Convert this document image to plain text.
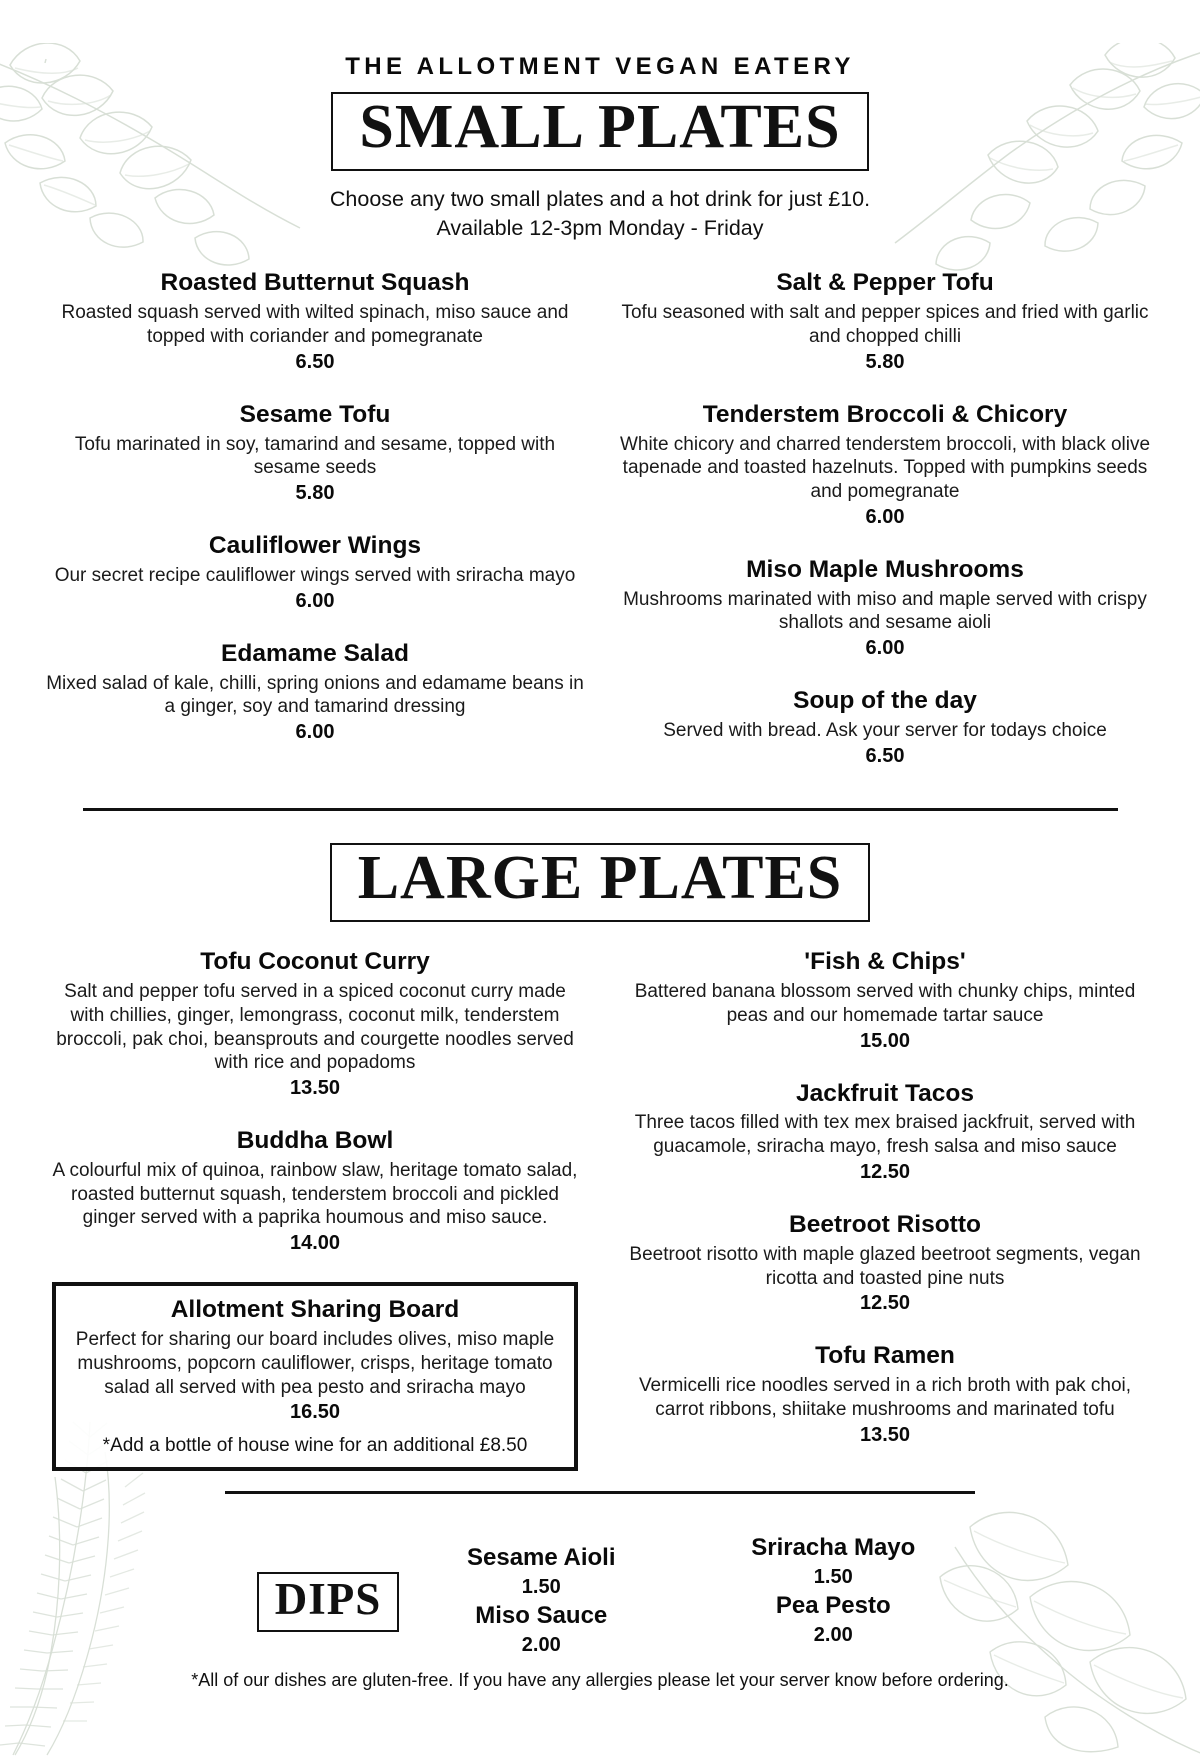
THE ALLOTMENT VEGAN EATERY
SMALL PLATES
Choose any two small plates and a hot drink for just £10.
Available 12-3pm Monday - Friday
Roasted Butternut Squash
Roasted squash served with wilted spinach, miso sauce and topped with coriander and pomegranate
6.50
Sesame Tofu
Tofu marinated in soy, tamarind and sesame, topped with sesame seeds
5.80
Cauliflower Wings
Our secret recipe cauliflower wings served with sriracha mayo
6.00
Edamame Salad
Mixed salad of kale, chilli, spring onions and edamame beans in a ginger, soy and tamarind dressing
6.00
Salt & Pepper Tofu
Tofu seasoned with salt and pepper spices and fried with garlic and chopped chilli
5.80
Tenderstem Broccoli & Chicory
White chicory and charred tenderstem broccoli, with black olive tapenade and toasted hazelnuts. Topped with pumpkins seeds and pomegranate
6.00
Miso Maple Mushrooms
Mushrooms marinated with miso and maple served with crispy shallots and sesame aioli
6.00
Soup of the day
Served with bread. Ask your server for todays choice
6.50
LARGE PLATES
Tofu Coconut Curry
Salt and pepper tofu served in a spiced coconut curry made with chillies, ginger, lemongrass, coconut milk, tenderstem broccoli, pak choi, beansprouts and courgette noodles served with rice and popadoms
13.50
Buddha Bowl
A colourful mix of quinoa, rainbow slaw, heritage tomato salad, roasted butternut squash, tenderstem broccoli and pickled ginger served with a paprika houmous and miso sauce.
14.00
Allotment Sharing Board
Perfect for sharing our board includes olives, miso maple mushrooms, popcorn cauliflower, crisps, heritage tomato salad all served with pea pesto and sriracha mayo
16.50
*Add a bottle of house wine for an additional £8.50
'Fish & Chips'
Battered banana blossom served with chunky chips, minted peas and our homemade tartar sauce
15.00
Jackfruit Tacos
Three tacos filled with tex mex braised jackfruit, served with guacamole, sriracha mayo, fresh salsa and miso sauce
12.50
Beetroot Risotto
Beetroot risotto with maple glazed beetroot segments, vegan ricotta and toasted pine nuts
12.50
Tofu Ramen
Vermicelli rice noodles served in a rich broth with pak choi, carrot ribbons, shiitake mushrooms and marinated tofu
13.50
DIPS
Sesame Aioli
1.50
Miso Sauce
2.00
Sriracha Mayo
1.50
Pea Pesto
2.00
*All of our dishes are gluten-free. If you have any allergies please let your server know before ordering.
